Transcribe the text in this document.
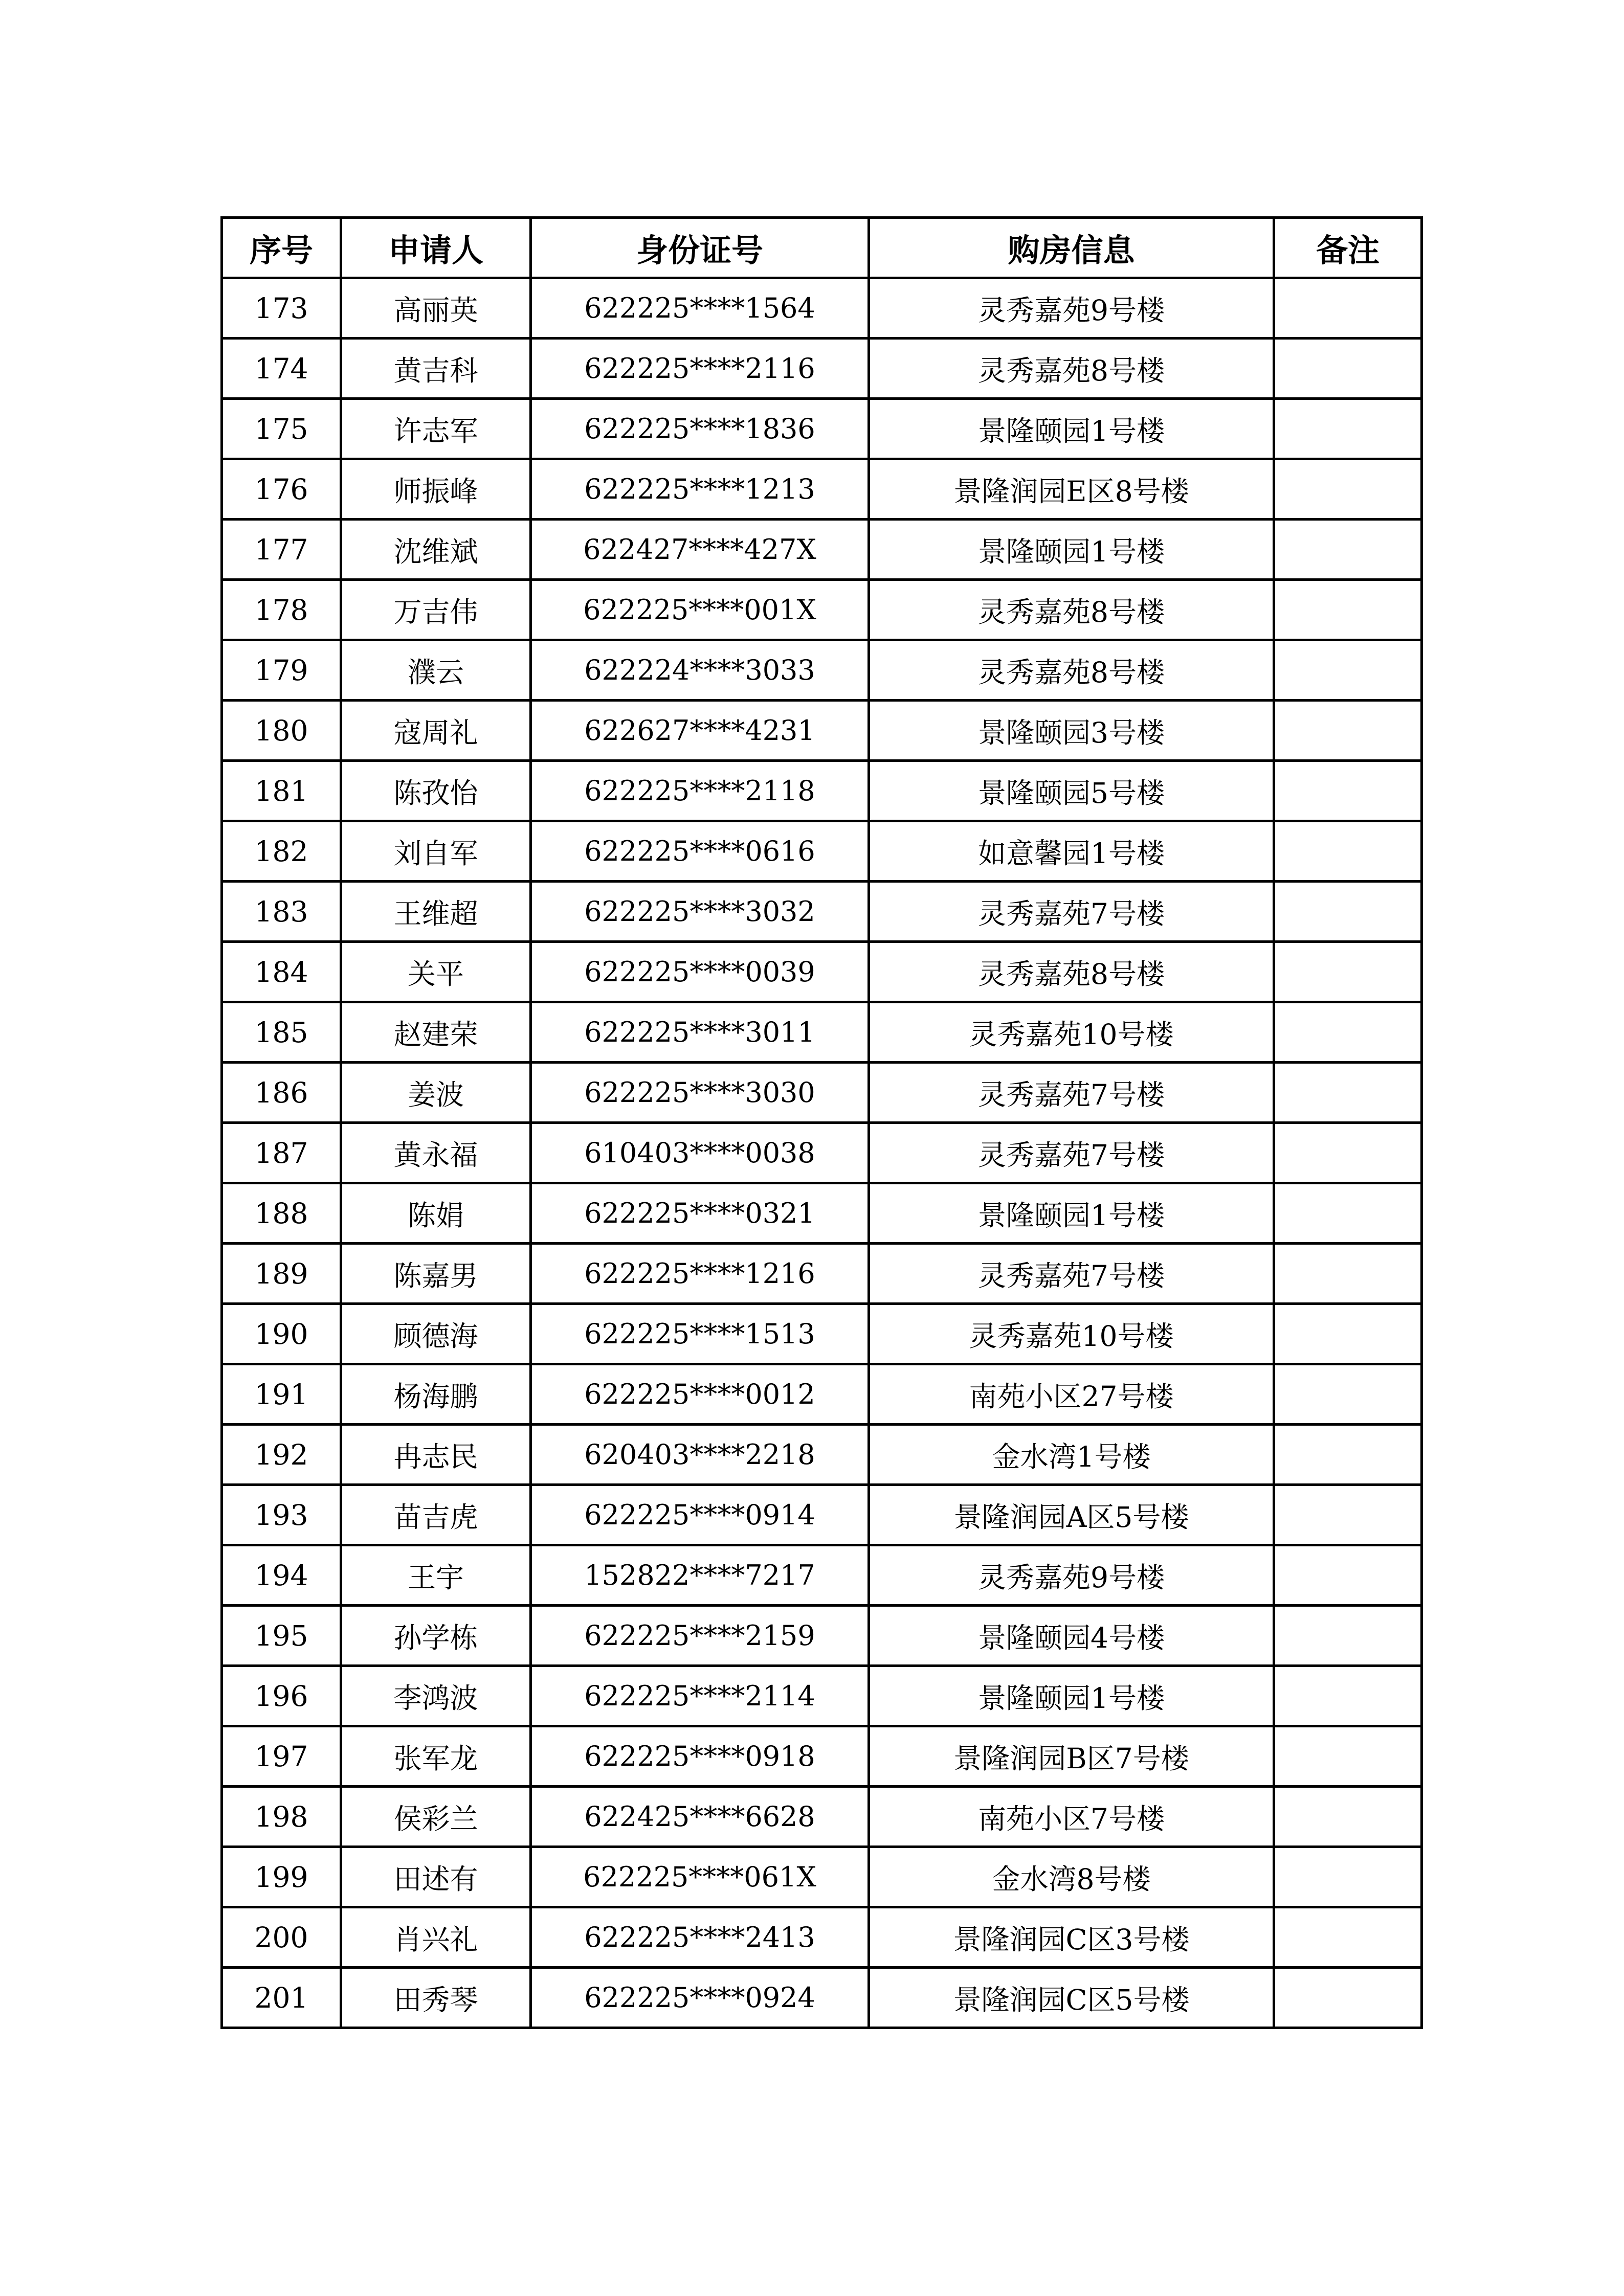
序号	申请人	身份证号	购房信息	备注
173	高丽英	622225****1564	灵秀嘉苑9号楼	
174	黄吉科	622225****2116	灵秀嘉苑8号楼	
175	许志军	622225****1836	景隆颐园1号楼	
176	师振峰	622225****1213	景隆润园E区8号楼	
177	沈维斌	622427****427X	景隆颐园1号楼	
178	万吉伟	622225****001X	灵秀嘉苑8号楼	
179	濮云	622224****3033	灵秀嘉苑8号楼	
180	寇周礼	622627****4231	景隆颐园3号楼	
181	陈孜怡	622225****2118	景隆颐园5号楼	
182	刘自军	622225****0616	如意馨园1号楼	
183	王维超	622225****3032	灵秀嘉苑7号楼	
184	关平	622225****0039	灵秀嘉苑8号楼	
185	赵建荣	622225****3011	灵秀嘉苑10号楼	
186	姜波	622225****3030	灵秀嘉苑7号楼	
187	黄永福	610403****0038	灵秀嘉苑7号楼	
188	陈娟	622225****0321	景隆颐园1号楼	
189	陈嘉男	622225****1216	灵秀嘉苑7号楼	
190	顾德海	622225****1513	灵秀嘉苑10号楼	
191	杨海鹏	622225****0012	南苑小区27号楼	
192	冉志民	620403****2218	金水湾1号楼	
193	苗吉虎	622225****0914	景隆润园A区5号楼	
194	王宇	152822****7217	灵秀嘉苑9号楼	
195	孙学栋	622225****2159	景隆颐园4号楼	
196	李鸿波	622225****2114	景隆颐园1号楼	
197	张军龙	622225****0918	景隆润园B区7号楼	
198	侯彩兰	622425****6628	南苑小区7号楼	
199	田述有	622225****061X	金水湾8号楼	
200	肖兴礼	622225****2413	景隆润园C区3号楼	
201	田秀琴	622225****0924	景隆润园C区5号楼	
